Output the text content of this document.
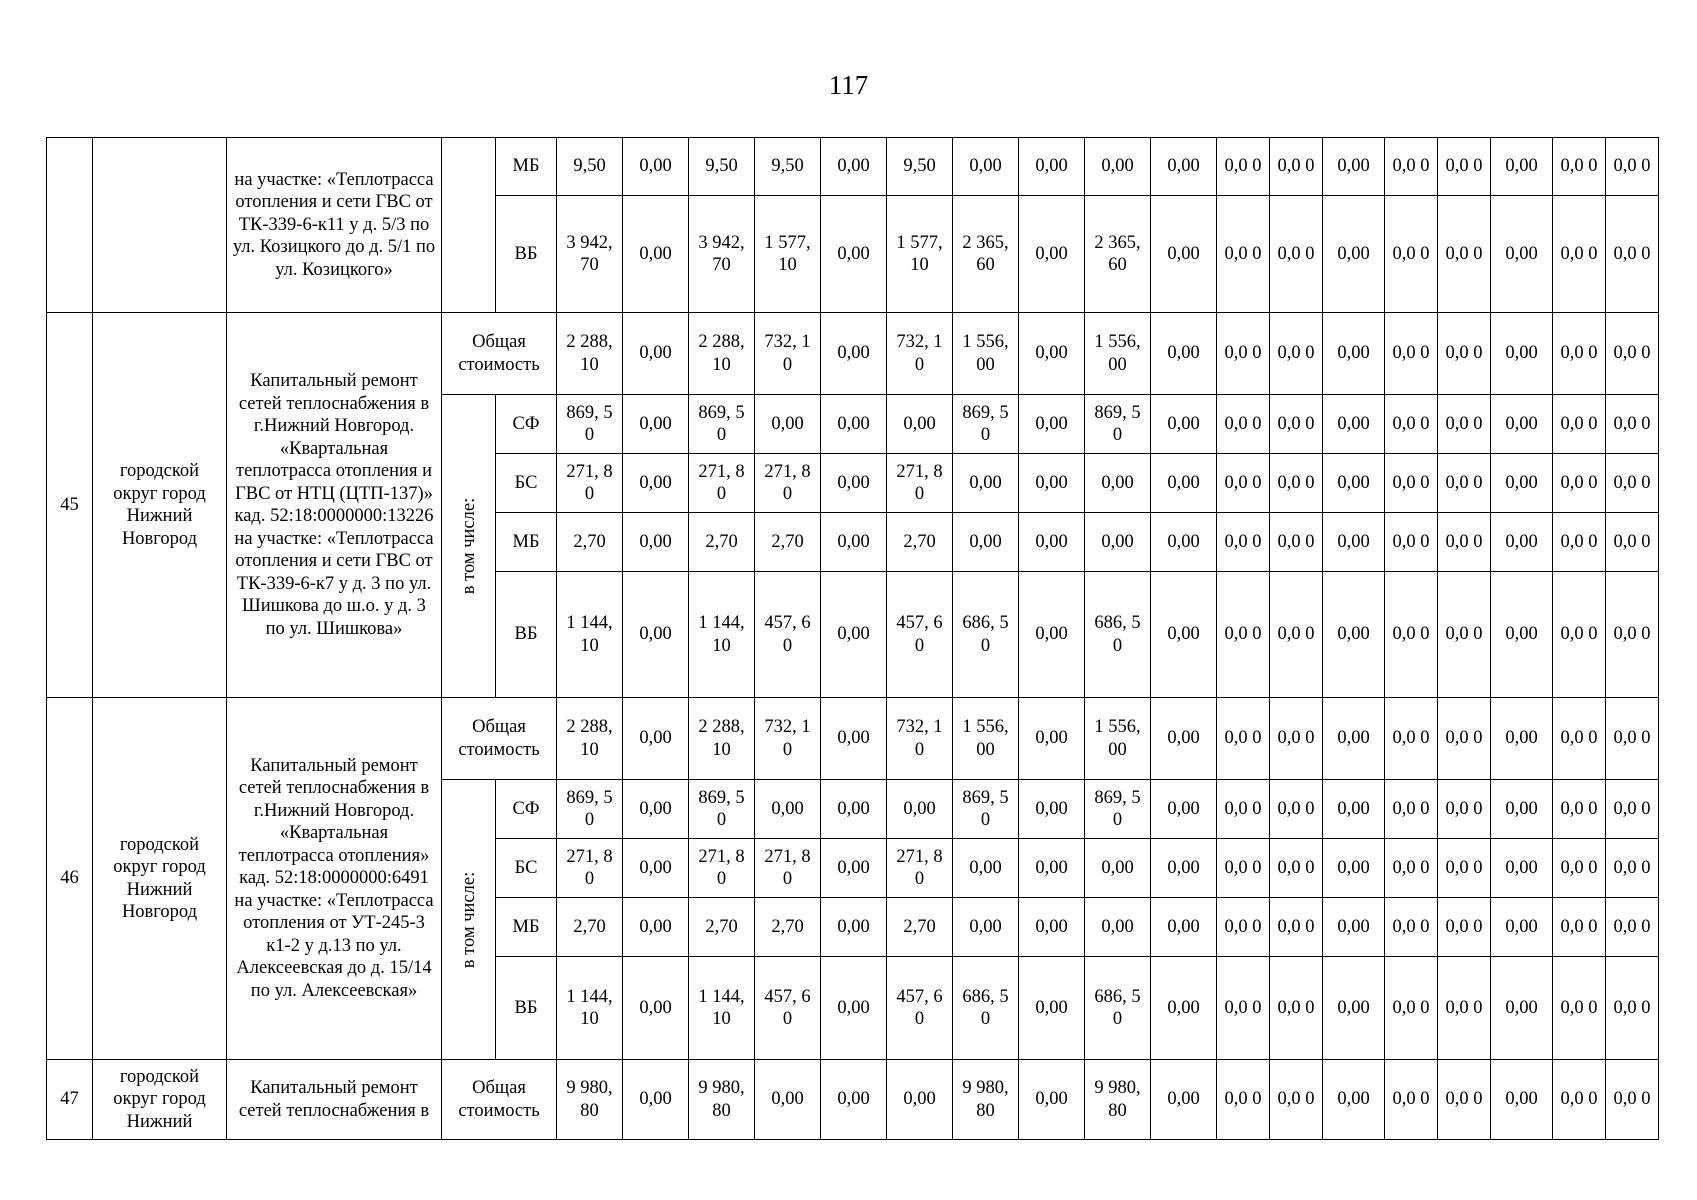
117
		на участке: «Теплотрасса отопления и сети ГВС от ТК-339-6-к11 у д. 5/3 по ул. Козицкого до д. 5/1 по ул. Козицкого»		МБ	9,50	0,00	9,50	9,50	0,00	9,50	0,00	0,00	0,00	0,00	0,0 0	0,0 0	0,00	0,0 0	0,0 0	0,00	0,0 0	0,0 0
				ВБ	3 942, 70	0,00	3 942, 70	1 577, 10	0,00	1 577, 10	2 365, 60	0,00	2 365, 60	0,00	0,0 0	0,0 0	0,00	0,0 0	0,0 0	0,00	0,0 0	0,0 0
45	городской округ город Нижний Новгород	Капитальный ремонт сетей теплоснабжения в г.Нижний Новгород. «Квартальная теплотрасса отопления и ГВС от НТЦ (ЦТП-137)» кад. 52:18:0000000:13226 на участке: «Теплотрасса отопления и сети ГВС от ТК-339-6-к7 у д. 3 по ул. Шишкова до ш.о. у д. 3 по ул. Шишкова»	Общая стоимость		2 288, 10	0,00	2 288, 10	732, 10	0,00	732, 10	1 556, 00	0,00	1 556, 00	0,00	0,0 0	0,0 0	0,00	0,0 0	0,0 0	0,00	0,0 0	0,0 0

			в том числе:	СФ	869, 50	0,00	869, 50	0,00	0,00	0,00	869, 50	0,00	869, 50	0,00	0,0 0	0,0 0	0,00	0,0 0	0,0 0	0,00	0,0 0	0,0 0
				БС	271, 80	0,00	271, 80	271, 80	0,00	271, 80	0,00	0,00	0,00	0,00	0,0 0	0,0 0	0,00	0,0 0	0,0 0	0,00	0,0 0	0,0 0
				МБ	2,70	0,00	2,70	2,70	0,00	2,70	0,00	0,00	0,00	0,00	0,0 0	0,0 0	0,00	0,0 0	0,0 0	0,00	0,0 0	0,0 0
				ВБ	1 144, 10	0,00	1 144, 10	457, 60	0,00	457, 60	686, 50	0,00	686, 50	0,00	0,0 0	0,0 0	0,00	0,0 0	0,0 0	0,00	0,0 0	0,0 0
46	городской округ город Нижний Новгород	Капитальный ремонт сетей теплоснабжения в г.Нижний Новгород. «Квартальная теплотрасса отопления» кад. 52:18:0000000:6491 на участке: «Теплотрасса отопления от УТ-245-3 к1-2 у д.13 по ул. Алексеевская до д. 15/14 по ул. Алексеевская»	Общая стоимость		2 288, 10	0,00	2 288, 10	732, 10	0,00	732, 10	1 556, 00	0,00	1 556, 00	0,00	0,0 0	0,0 0	0,00	0,0 0	0,0 0	0,00	0,0 0	0,0 0

			в том числе:	СФ	869, 50	0,00	869, 50	0,00	0,00	0,00	869, 50	0,00	869, 50	0,00	0,0 0	0,0 0	0,00	0,0 0	0,0 0	0,00	0,0 0	0,0 0
				БС	271, 80	0,00	271, 80	271, 80	0,00	271, 80	0,00	0,00	0,00	0,00	0,0 0	0,0 0	0,00	0,0 0	0,0 0	0,00	0,0 0	0,0 0
				МБ	2,70	0,00	2,70	2,70	0,00	2,70	0,00	0,00	0,00	0,00	0,0 0	0,0 0	0,00	0,0 0	0,0 0	0,00	0,0 0	0,0 0
				ВБ	1 144, 10	0,00	1 144, 10	457, 60	0,00	457, 60	686, 50	0,00	686, 50	0,00	0,0 0	0,0 0	0,00	0,0 0	0,0 0	0,00	0,0 0	0,0 0
47	городской округ город Нижний	Капитальный ремонт сетей теплоснабжения в	Общая стоимость		9 980, 80	0,00	9 980, 80	0,00	0,00	0,00	9 980, 80	0,00	9 980, 80	0,00	0,0 0	0,0 0	0,00	0,0 0	0,0 0	0,00	0,0 0	0,0 0
